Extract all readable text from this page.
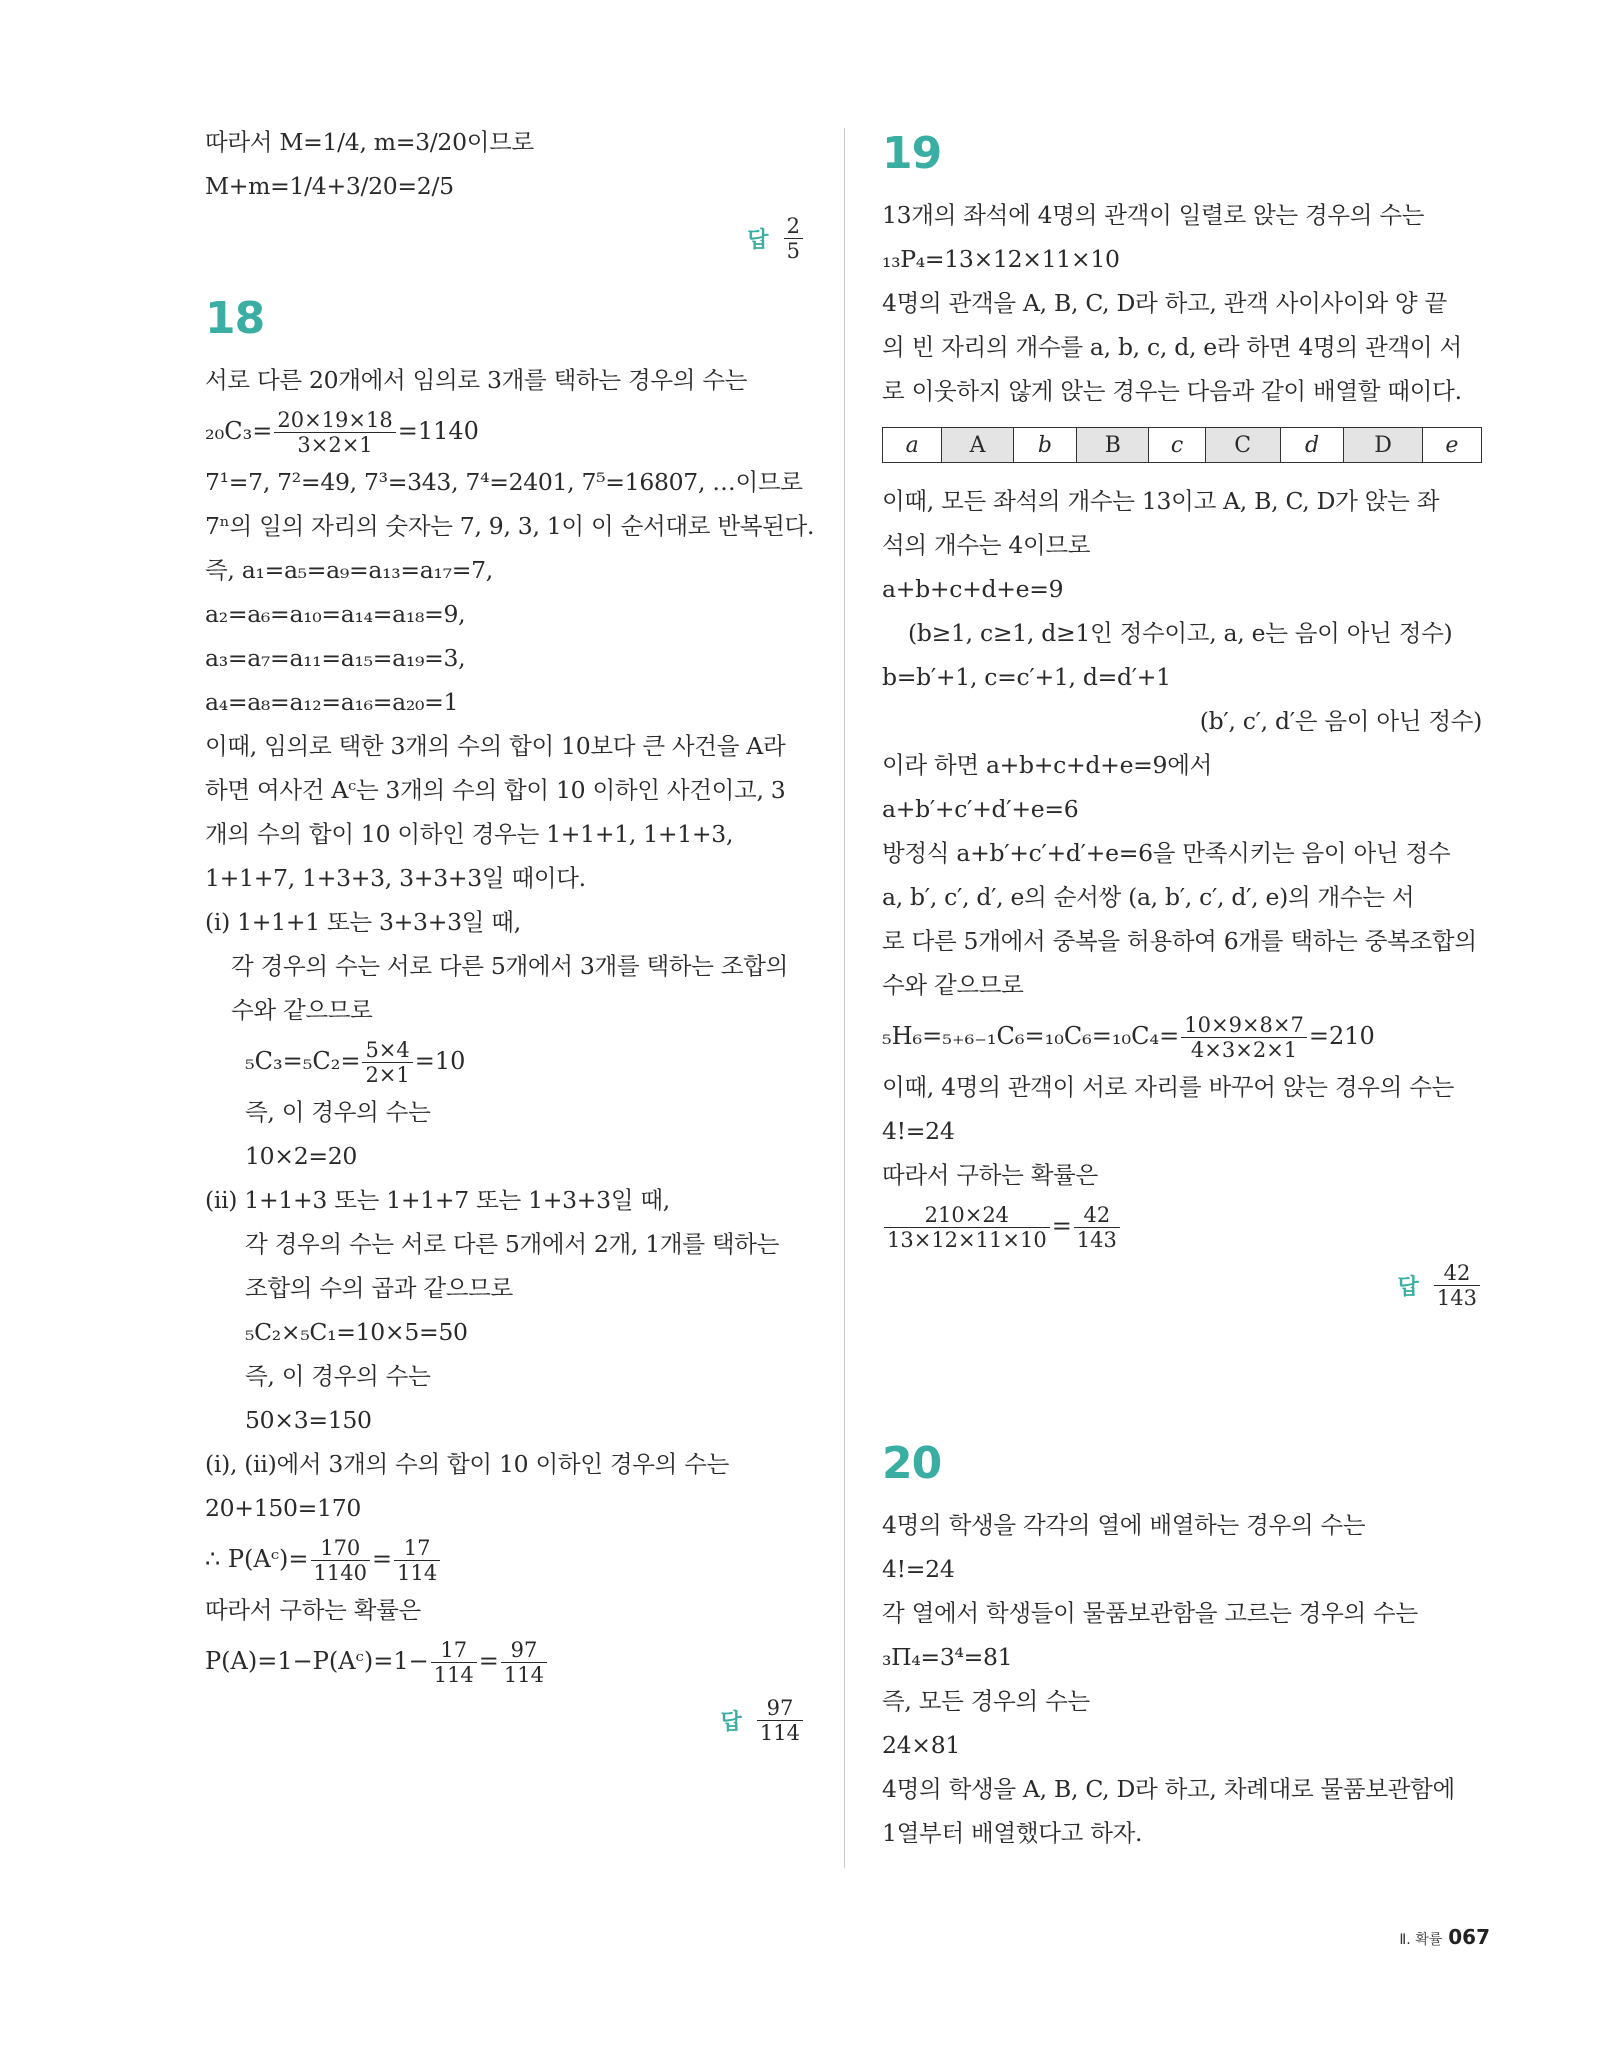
따라서 M=1/4, m=3/20이므로
M+m=1/4+3/20=2/5
답 $\frac{2}{5}$
18
서로 다른 20개에서 임의로 3개를 택하는 경우의 수는
$_{20}C_3= \frac{20\times 19\times 18}{3\times 2\times 1} =1140$
7¹=7, 7²=49, 7³=343, 7⁴=2401, 7⁵=16807, …이므로
7ⁿ의 일의 자리의 숫자는 7, 9, 3, 1이 이 순서대로 반복된다.
즉, a₁=a₅=a₉=a₁₃=a₁₇=7,
a₂=a₆=a₁₀=a₁₄=a₁₈=9,
a₃=a₇=a₁₁=a₁₅=a₁₉=3,
a₄=a₈=a₁₂=a₁₆=a₂₀=1
이때, 임의로 택한 3개의 수의 합이 10보다 큰 사건을 A라
하면 여사건 Aᶜ는 3개의 수의 합이 10 이하인 사건이고, 3
개의 수의 합이 10 이하인 경우는 1+1+1, 1+1+3,
1+1+7, 1+3+3, 3+3+3일 때이다.
(i) 1+1+1 또는 3+3+3일 때,
각 경우의 수는 서로 다른 5개에서 3개를 택하는 조합의
수와 같으므로
$_5C_3=_5C_2= \frac{5\times 4}{2\times 1} =10$
즉, 이 경우의 수는
10×2=20
(ii) 1+1+3 또는 1+1+7 또는 1+3+3일 때,
각 경우의 수는 서로 다른 5개에서 2개, 1개를 택하는
조합의 수의 곱과 같으므로
₅C₂×₅C₁=10×5=50
즉, 이 경우의 수는
50×3=150
(i), (ii)에서 3개의 수의 합이 10 이하인 경우의 수는
20+150=170
∴ P(Aᶜ)= $\frac{170}{1140} = \frac{17}{114}$
따라서 구하는 확률은
P(A)=1−P(Aᶜ)=1− $\frac{17}{114} = \frac{97}{114}$
답 $\frac{97}{114}$
19
13개의 좌석에 4명의 관객이 일렬로 앉는 경우의 수는
₁₃P₄=13×12×11×10
4명의 관객을 A, B, C, D라 하고, 관객 사이사이와 양 끝
의 빈 자리의 개수를 a, b, c, d, e라 하면 4명의 관객이 서
로 이웃하지 않게 앉는 경우는 다음과 같이 배열할 때이다.
a	A	b	B	c	C	d	D	e
이때, 모든 좌석의 개수는 13이고 A, B, C, D가 앉는 좌
석의 개수는 4이므로
a+b+c+d+e=9
(b≥1, c≥1, d≥1인 정수이고, a, e는 음이 아닌 정수)
b=b′+1, c=c′+1, d=d′+1
(b′, c′, d′은 음이 아닌 정수)
이라 하면 a+b+c+d+e=9에서
a+b′+c′+d′+e=6
방정식 a+b′+c′+d′+e=6을 만족시키는 음이 아닌 정수
a, b′, c′, d′, e의 순서쌍 (a, b′, c′, d′, e)의 개수는 서
로 다른 5개에서 중복을 허용하여 6개를 택하는 중복조합의
수와 같으므로
$_5H_6=_{5+6-1}C_6=_{10}C_6=_{10}C_4= \frac{10\times 9\times 8\times 7}{4\times 3\times 2\times 1} =210$
이때, 4명의 관객이 서로 자리를 바꾸어 앉는 경우의 수는
4!=24
따라서 구하는 확률은
$\frac{210\times 24}{13\times 12\times 11\times 10} = \frac{42}{143}$
답 $\frac{42}{143}$
20
4명의 학생을 각각의 열에 배열하는 경우의 수는
4!=24
각 열에서 학생들이 물품보관함을 고르는 경우의 수는
₃Π₄=3⁴=81
즉, 모든 경우의 수는
24×81
4명의 학생을 A, B, C, D라 하고, 차례대로 물품보관함에
1열부터 배열했다고 하자.
Ⅱ. 확률 067
